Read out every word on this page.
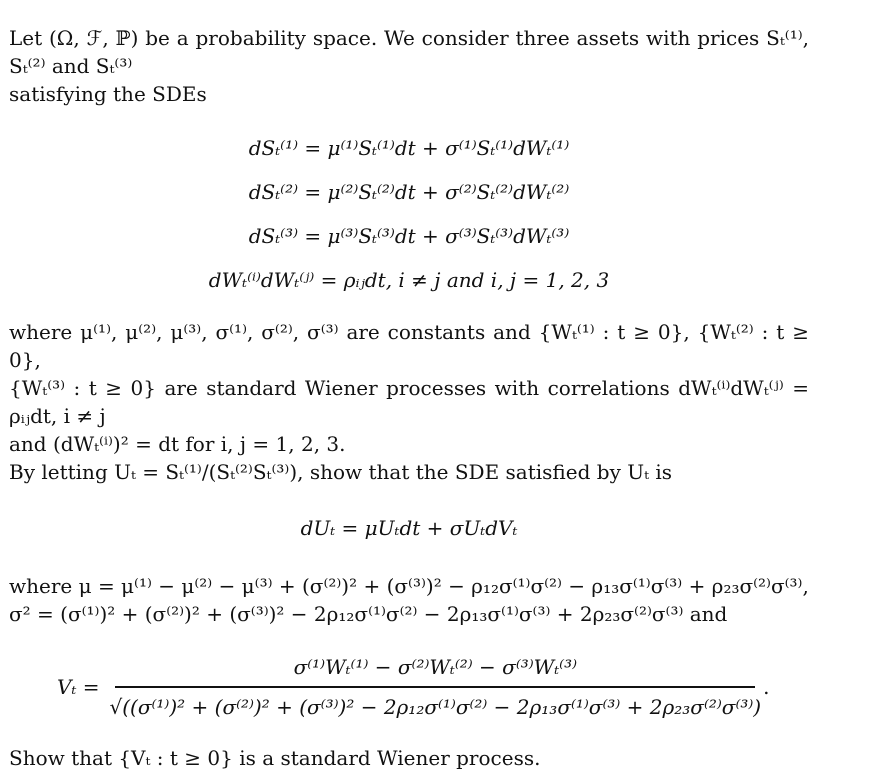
Let (Ω, ℱ, ℙ) be a probability space. We consider three assets with prices Sₜ⁽¹⁾, Sₜ⁽²⁾ and Sₜ⁽³⁾

satisfying the SDEs

dSₜ⁽¹⁾ = μ⁽¹⁾Sₜ⁽¹⁾dt + σ⁽¹⁾Sₜ⁽¹⁾dWₜ⁽¹⁾
dSₜ⁽²⁾ = μ⁽²⁾Sₜ⁽²⁾dt + σ⁽²⁾Sₜ⁽²⁾dWₜ⁽²⁾
dSₜ⁽³⁾ = μ⁽³⁾Sₜ⁽³⁾dt + σ⁽³⁾Sₜ⁽³⁾dWₜ⁽³⁾
dWₜ⁽ⁱ⁾dWₜ⁽ʲ⁾ = ρᵢⱼdt, i ≠ j and i, j = 1, 2, 3

where μ⁽¹⁾, μ⁽²⁾, μ⁽³⁾, σ⁽¹⁾, σ⁽²⁾, σ⁽³⁾ are constants and {Wₜ⁽¹⁾ : t ≥ 0}, {Wₜ⁽²⁾ : t ≥ 0},

{Wₜ⁽³⁾ : t ≥ 0} are standard Wiener processes with correlations dWₜ⁽ⁱ⁾dWₜ⁽ʲ⁾ = ρᵢⱼdt, i ≠ j

and (dWₜ⁽ⁱ⁾)² = dt for i, j = 1, 2, 3.

By letting Uₜ = Sₜ⁽¹⁾/(Sₜ⁽²⁾Sₜ⁽³⁾), show that the SDE satisfied by Uₜ is

dUₜ = μUₜdt + σUₜdVₜ

where μ = μ⁽¹⁾ − μ⁽²⁾ − μ⁽³⁾ + (σ⁽²⁾)² + (σ⁽³⁾)² − ρ₁₂σ⁽¹⁾σ⁽²⁾ − ρ₁₃σ⁽¹⁾σ⁽³⁾ + ρ₂₃σ⁽²⁾σ⁽³⁾,

σ² = (σ⁽¹⁾)² + (σ⁽²⁾)² + (σ⁽³⁾)² − 2ρ₁₂σ⁽¹⁾σ⁽²⁾ − 2ρ₁₃σ⁽¹⁾σ⁽³⁾ + 2ρ₂₃σ⁽²⁾σ⁽³⁾ and

Vₜ =
σ⁽¹⁾Wₜ⁽¹⁾ − σ⁽²⁾Wₜ⁽²⁾ − σ⁽³⁾Wₜ⁽³⁾
√((σ⁽¹⁾)² + (σ⁽²⁾)² + (σ⁽³⁾)² − 2ρ₁₂σ⁽¹⁾σ⁽²⁾ − 2ρ₁₃σ⁽¹⁾σ⁽³⁾ + 2ρ₂₃σ⁽²⁾σ⁽³⁾)
.

Show that {Vₜ : t ≥ 0} is a standard Wiener process.
